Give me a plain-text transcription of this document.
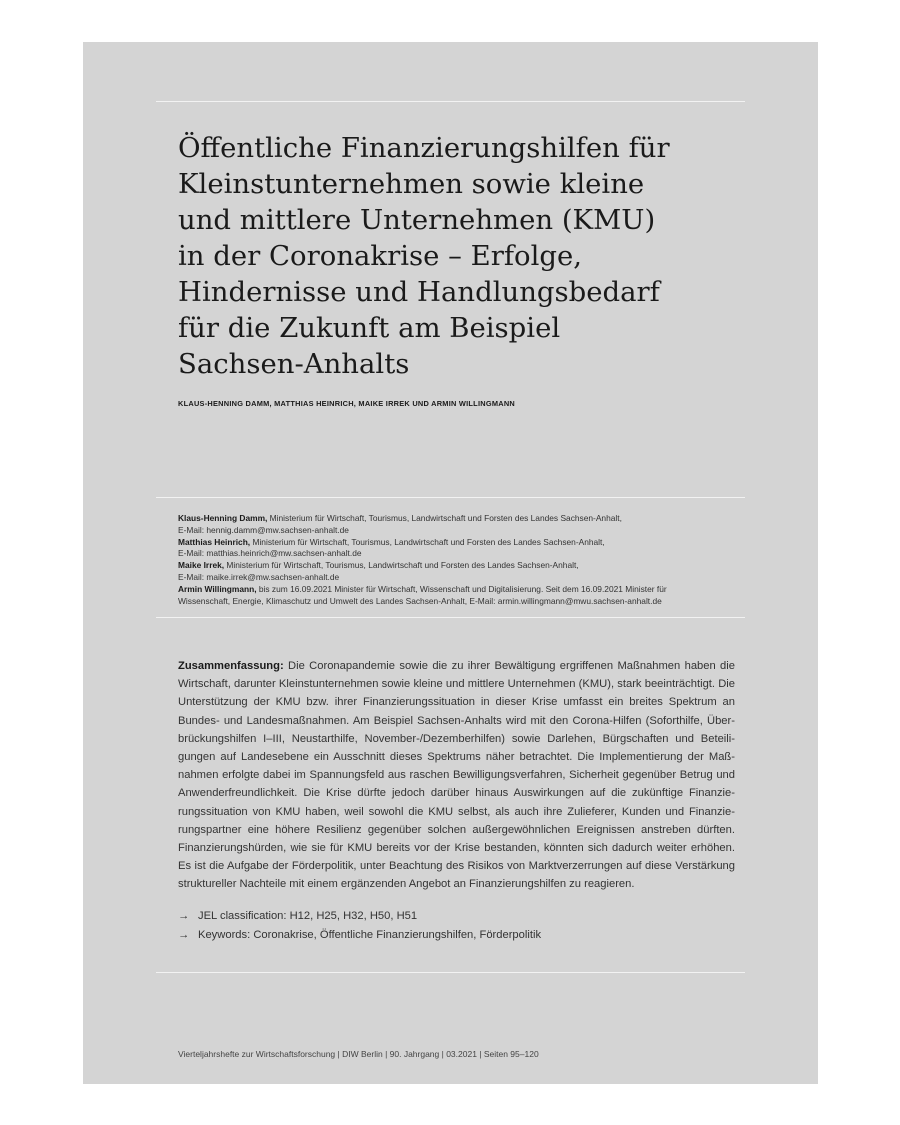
Öffentliche Finanzierungshilfen für
Kleinstunternehmen sowie kleine
und mittlere Unternehmen (KMU)
in der Coronakrise – Erfolge,
Hindernisse und Handlungsbedarf
für die Zukunft am Beispiel
Sachsen-Anhalts

KLAUS-HENNING DAMM, MATTHIAS HEINRICH, MAIKE IRREK UND ARMIN WILLINGMANN

Klaus-Henning Damm, Ministerium für Wirtschaft, Tourismus, Landwirtschaft und Forsten des Landes Sachsen-Anhalt,

E-Mail: hennig.damm@mw.sachsen-anhalt.de

Matthias Heinrich, Ministerium für Wirtschaft, Tourismus, Landwirtschaft und Forsten des Landes Sachsen-Anhalt,

E-Mail: matthias.heinrich@mw.sachsen-anhalt.de

Maike Irrek, Ministerium für Wirtschaft, Tourismus, Landwirtschaft und Forsten des Landes Sachsen-Anhalt,

E-Mail: maike.irrek@mw.sachsen-anhalt.de

Armin Willingmann, bis zum 16.09.2021 Minister für Wirtschaft, Wissenschaft und Digitalisierung. Seit dem 16.09.2021 Minister für

Wissenschaft, Energie, Klimaschutz und Umwelt des Landes Sachsen-Anhalt, E-Mail: armin.willingmann@mwu.sachsen-anhalt.de

Zusammenfassung: Die Coronapandemie sowie die zu ihrer Bewältigung ergriffenen Maßnahmen haben die Wirtschaft, darunter Kleinstunternehmen sowie kleine und mittlere Unternehmen (KMU), stark beeinträchtigt. Die Unterstützung der KMU bzw. ihrer Finanzierungssituation in dieser Krise umfasst ein breites Spektrum an Bundes- und Landesmaßnahmen. Am Beispiel Sachsen-Anhalts wird mit den Corona-Hilfen (Soforthilfe, Überbrückungshilfen I–III, Neustarthilfe, November-/Dezemberhilfen) sowie Darlehen, Bürgschaften und Beteiligungen auf Landesebene ein Ausschnitt dieses Spektrums näher betrachtet. Die Implementierung der Maßnahmen erfolgte dabei im Spannungsfeld aus raschen Bewilligungsverfahren, Sicherheit gegenüber Betrug und Anwenderfreundlichkeit. Die Krise dürfte jedoch darüber hinaus Auswirkungen auf die zukünftige Finanzierungssituation von KMU haben, weil sowohl die KMU selbst, als auch ihre Zulieferer, Kunden und Finanzierungspartner eine höhere Resilienz gegenüber solchen außergewöhnlichen Ereignissen anstreben dürften. Finanzierungshürden, wie sie für KMU bereits vor der Krise bestanden, könnten sich dadurch weiter erhöhen. Es ist die Aufgabe der Förderpolitik, unter Beachtung des Risikos von Marktverzerrungen auf diese Verstärkung struktureller Nachteile mit einem ergänzenden Angebot an Finanzierungshilfen zu reagieren.

→ JEL classification: H12, H25, H32, H50, H51
→ Keywords: Coronakrise, Öffentliche Finanzierungshilfen, Förderpolitik

Vierteljahrshefte zur Wirtschaftsforschung | DIW Berlin | 90. Jahrgang | 03.2021 | Seiten 95–120
